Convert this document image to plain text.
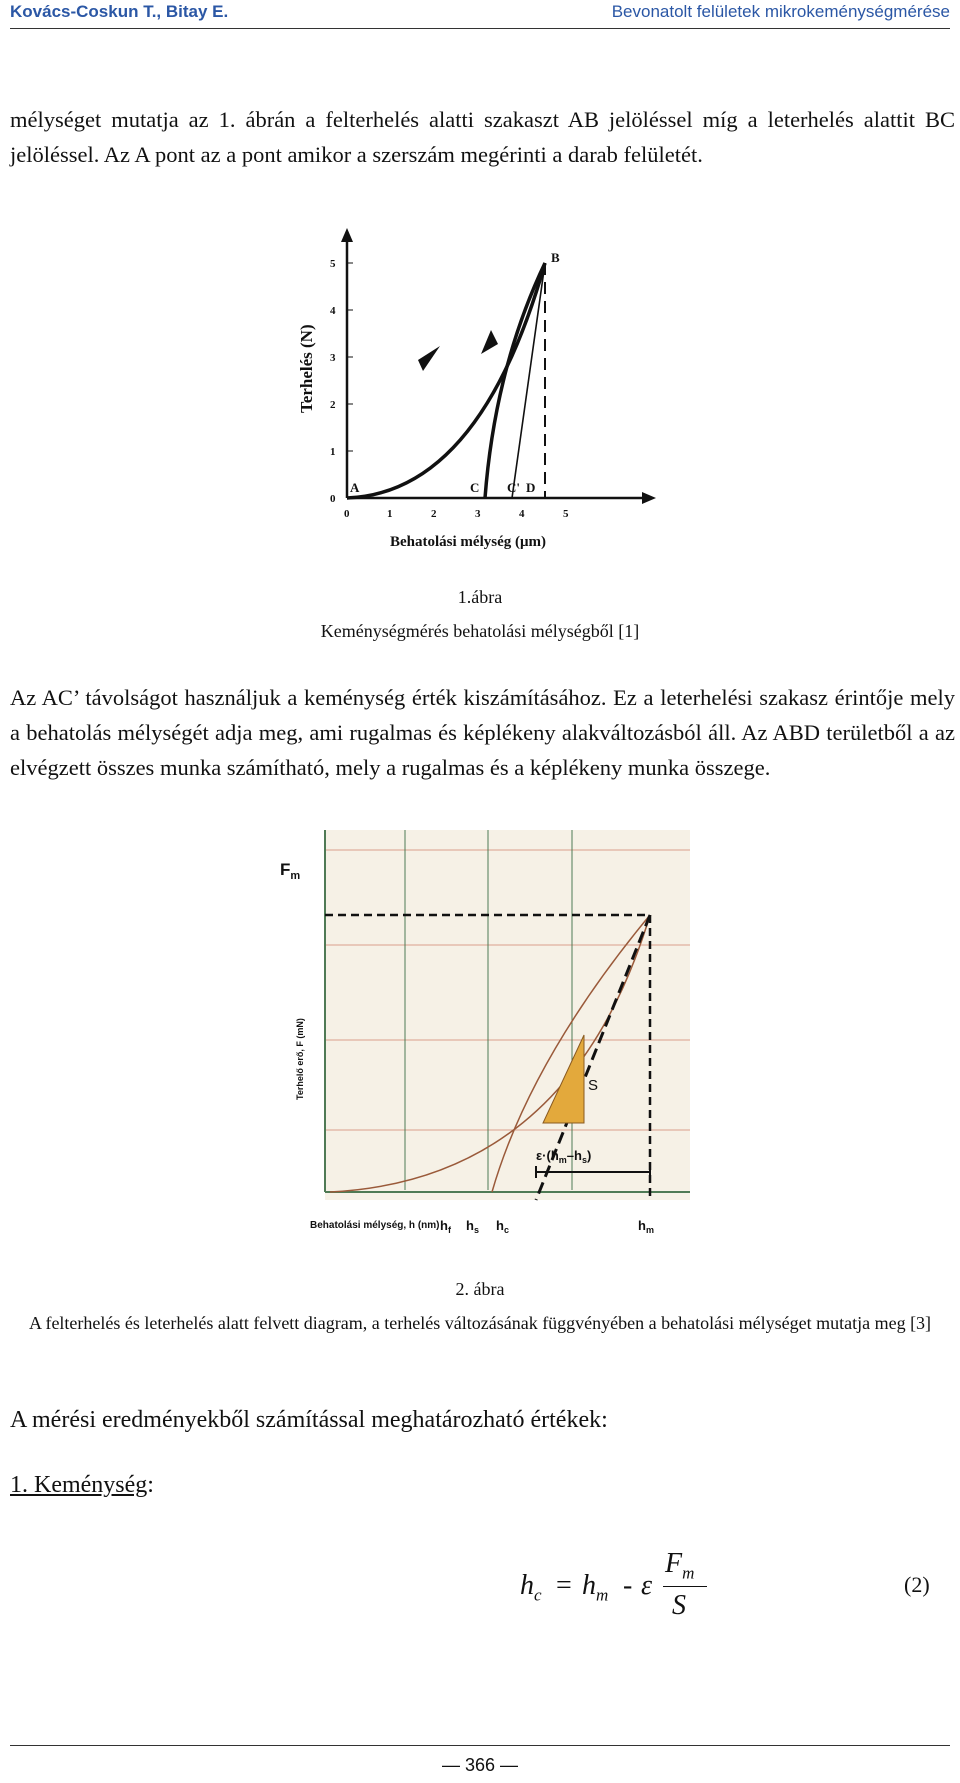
Kovács-Coskun T., Bitay E.	Bevonatolt felületek mikrokeménységmérése
mélységet mutatja az 1. ábrán a felterhelés alatti szakaszt AB jelöléssel míg a leterhelés alattit BC jelöléssel. Az A pont az a pont amikor a szerszám megérinti a darab felületét.
0
1
2
3
4
5
0	1	2	3	4	5
Terhelés (N)
Behatolási mélység (μm)
A
B
C C' D
1.ábra
Keménységmérés behatolási mélységből [1]
Az AC’ távolságot használjuk a keménység érték kiszámításához. Ez a leterhelési szakasz érintője mely a behatolás mélységét adja meg, ami rugalmas és képlékeny alakváltozásból áll. Az ABD területből a az elvégzett összes munka számítható, mely a rugalmas és a képlékeny munka összege.
S
$\varepsilon\cdot(h_m-h_s)$
$F_m$
Terhelő erő, F (mN)
Behatolási mélység, h (nm) $h_f$ $h_s$ $h_c$	$h_m$
2. ábra
A felterhelés és leterhelés alatt felvett diagram, a terhelés változásának függvényében a behatolási mélységet mutatja meg [3]
A mérési eredményekből számítással meghatározható értékek:
1. Keménység:
$h_c = h_m - \varepsilon$
$F_m$
S
(2)
— 366 —
